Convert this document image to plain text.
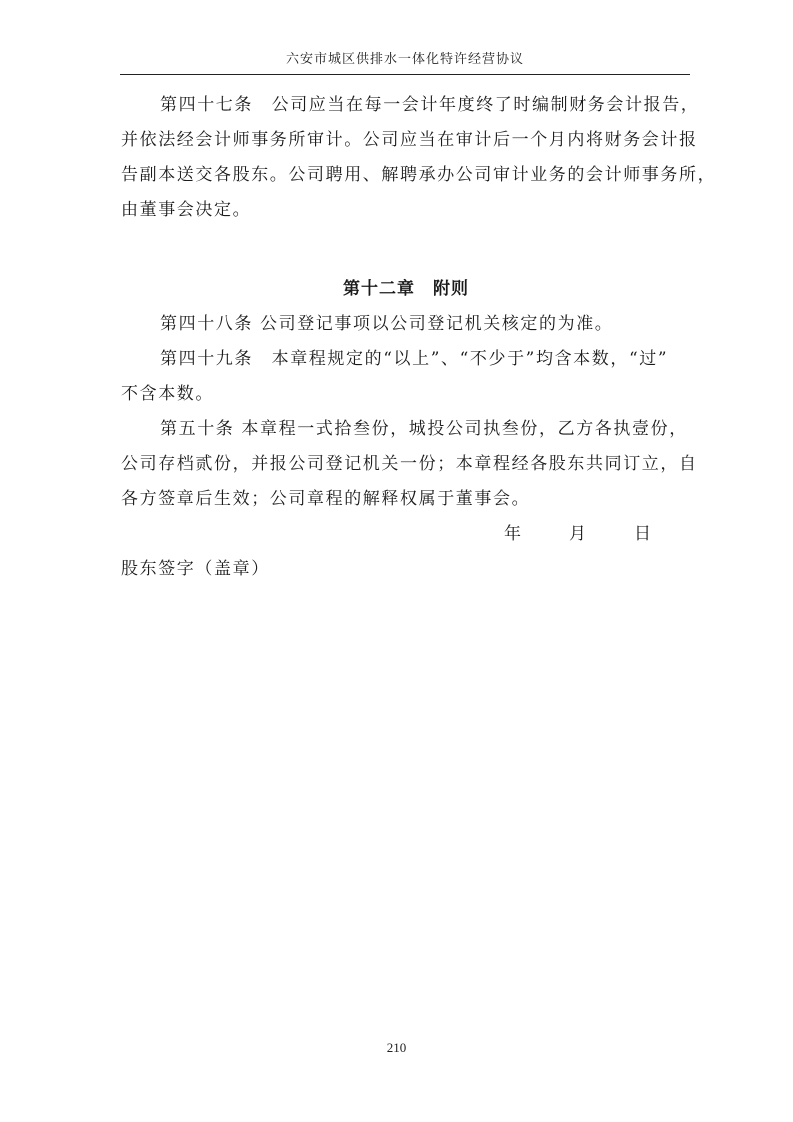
六安市城区供排水一体化特许经营协议

第四十七条　公司应当在每一会计年度终了时编制财务会计报告，
并依法经会计师事务所审计。公司应当在审计后一个月内将财务会计报
告副本送交各股东。公司聘用、解聘承办公司审计业务的会计师事务所，
由董事会决定。

第十二章　附则

第四十八条 公司登记事项以公司登记机关核定的为准。

第四十九条　本章程规定的“以上”、“不少于”均含本数，“过”
不含本数。

第五十条 本章程一式拾叁份，城投公司执叁份，乙方各执壹份，
公司存档贰份，并报公司登记机关一份；本章程经各股东共同订立，自
各方签章后生效；公司章程的解释权属于董事会。

年	月	日
股东签字（盖章）
210
